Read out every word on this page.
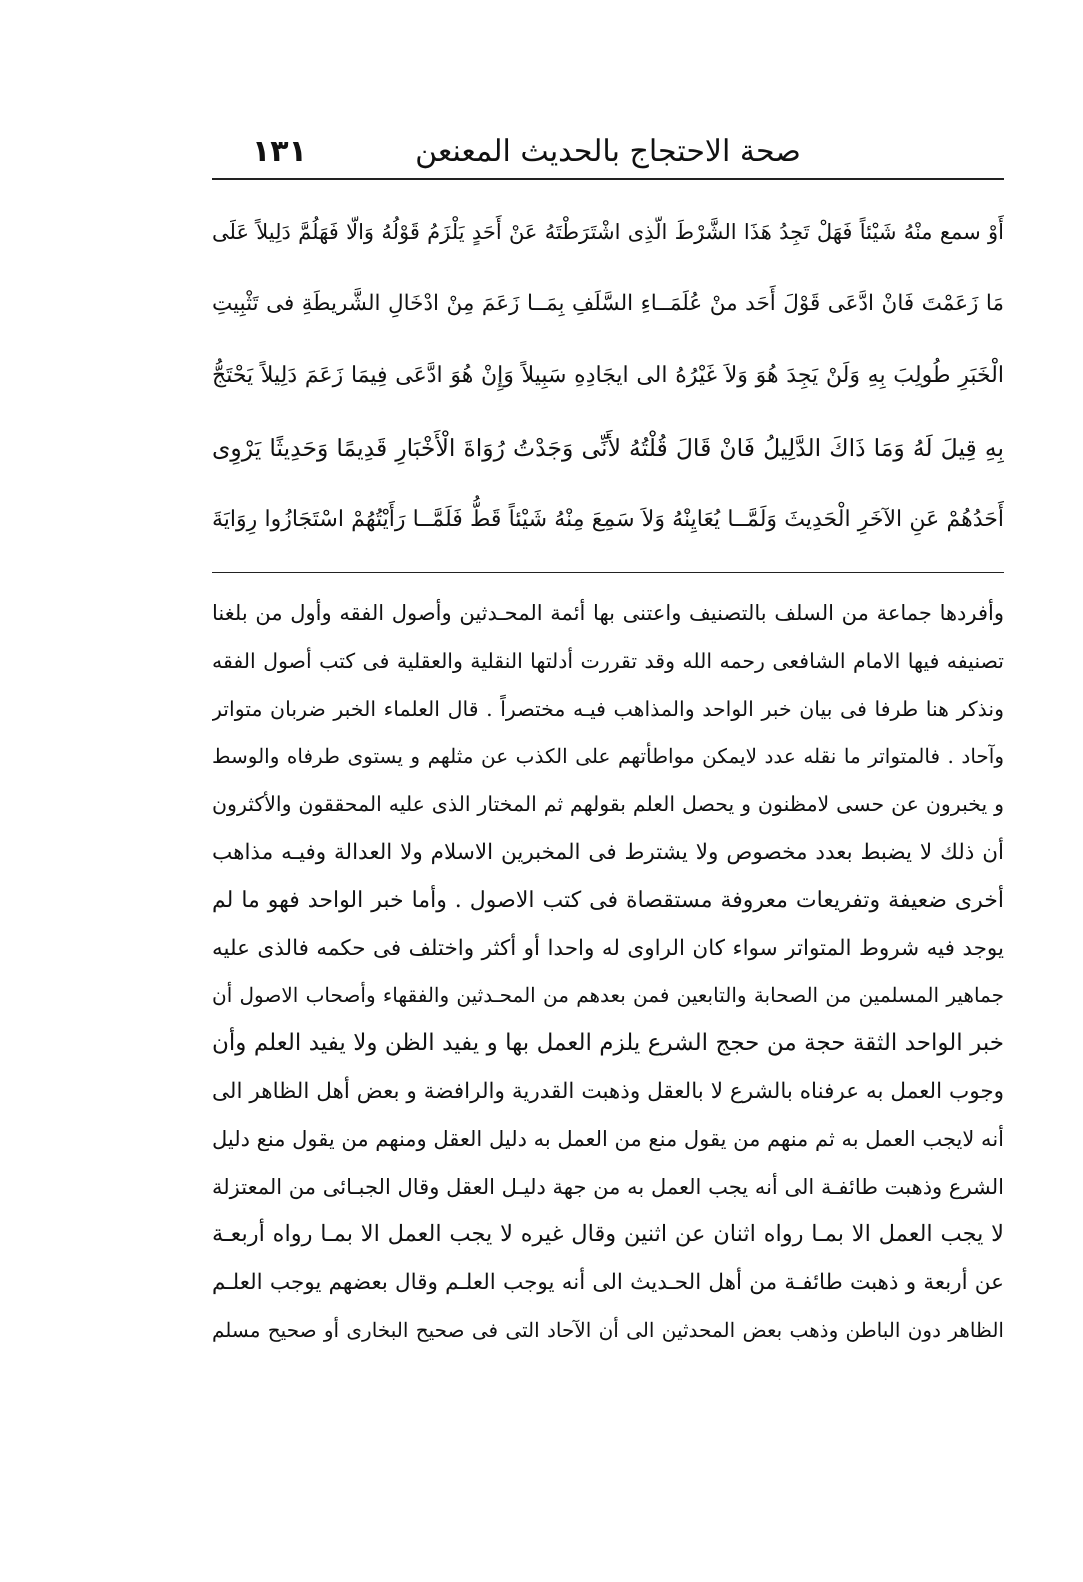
١٣١	صحة الاحتجاج بالحديث المعنعن
أَوْ سمع منْهُ شَيْئاً فَهَلْ تَجِدُ هَذَا الشَّرْطَ الّذِى اشْتَرَطْتَهُ عَنْ أَحَدٍ يَلْزَمُ قَوْلُهُ وَالّا فَهَلُمَّ دَلِيلاً عَلَى
مَا زَعَمْتَ فَانْ ادَّعَى قَوْلَ أَحَد منْ عُلَمَــاءِ السَّلَفِ بِمَــا زَعَمَ مِنْ ادْخَالِ الشَّريطَةِ فى تَثْبِيتِ
الْخَبَرِ طُولِبَ بِهِ وَلَنْ يَجِدَ هُوَ وَلاَ غَيْرُهُ الى ايجَادِهِ سَبِيلاً وَإِنْ هُوَ ادَّعَى فِيمَا زَعَمَ دَلِيلاً يَحْتَجُّ
بِهِ قِيلَ لَهُ وَمَا ذَاكَ الدَّلِيلُ فَانْ قَالَ قُلْتُهُ لأَنِّى وَجَدْتُ رُوَاةَ الْأَخْبَارِ قَدِيمًا وَحَدِيثًا يَرْوِى
أَحَدُهُمْ عَنِ الآخَرِ الْحَدِيثَ وَلَمَّــا يُعَايِنْهُ وَلاَ سَمِعَ مِنْهُ شَيْئاً قَطُّ فَلَمَّــا رَأَيْتُهُمْ اسْتَجَازُوا رِوَايَةَ
وأفردها جماعة من السلف بالتصنيف واعتنى بها أئمة المحـدثين وأصول الفقه وأول من بلغنا
تصنيفه فيها الامام الشافعى رحمه الله وقد تقررت أدلتها النقلية والعقلية فى كتب أصول الفقه
ونذكر هنا طرفا فى بيان خبر الواحد والمذاهب فيـه مختصراً . قال العلماء الخبر ضربان متواتر
وآحاد . فالمتواتر ما نقله عدد لايمكن مواطأتهم على الكذب عن مثلهم و يستوى طرفاه والوسط
و يخبرون عن حسى لامظنون و يحصل العلم بقولهم ثم المختار الذى عليه المحققون والأكثرون
أن ذلك لا يضبط بعدد مخصوص ولا يشترط فى المخبرين الاسلام ولا العدالة وفيـه مذاهب
أخرى ضعيفة وتفريعات معروفة مستقصاة فى كتب الاصول . وأما خبر الواحد فهو ما لم
يوجد فيه شروط المتواتر سواء كان الراوى له واحدا أو أكثر واختلف فى حكمه فالذى عليه
جماهير المسلمين من الصحابة والتابعين فمن بعدهم من المحـدثين والفقهاء وأصحاب الاصول أن
خبر الواحد الثقة حجة من حجج الشرع يلزم العمل بها و يفيد الظن ولا يفيد العلم وأن
وجوب العمل به عرفناه بالشرع لا بالعقل وذهبت القدرية والرافضة و بعض أهل الظاهر الى
أنه لايجب العمل به ثم منهم من يقول منع من العمل به دليل العقل ومنهم من يقول منع دليل
الشرع وذهبت طائفـة الى أنه يجب العمل به من جهة دليـل العقل وقال الجبـائى من المعتزلة
لا يجب العمل الا بمـا رواه اثنان عن اثنين وقال غيره لا يجب العمل الا بمـا رواه أربعـة
عن أربعة و ذهبت طائفـة من أهل الحـديث الى أنه يوجب العلـم وقال بعضهم يوجب العلـم
الظاهر دون الباطن وذهب بعض المحدثين الى أن الآحاد التى فى صحيح البخارى أو صحيح مسلم
